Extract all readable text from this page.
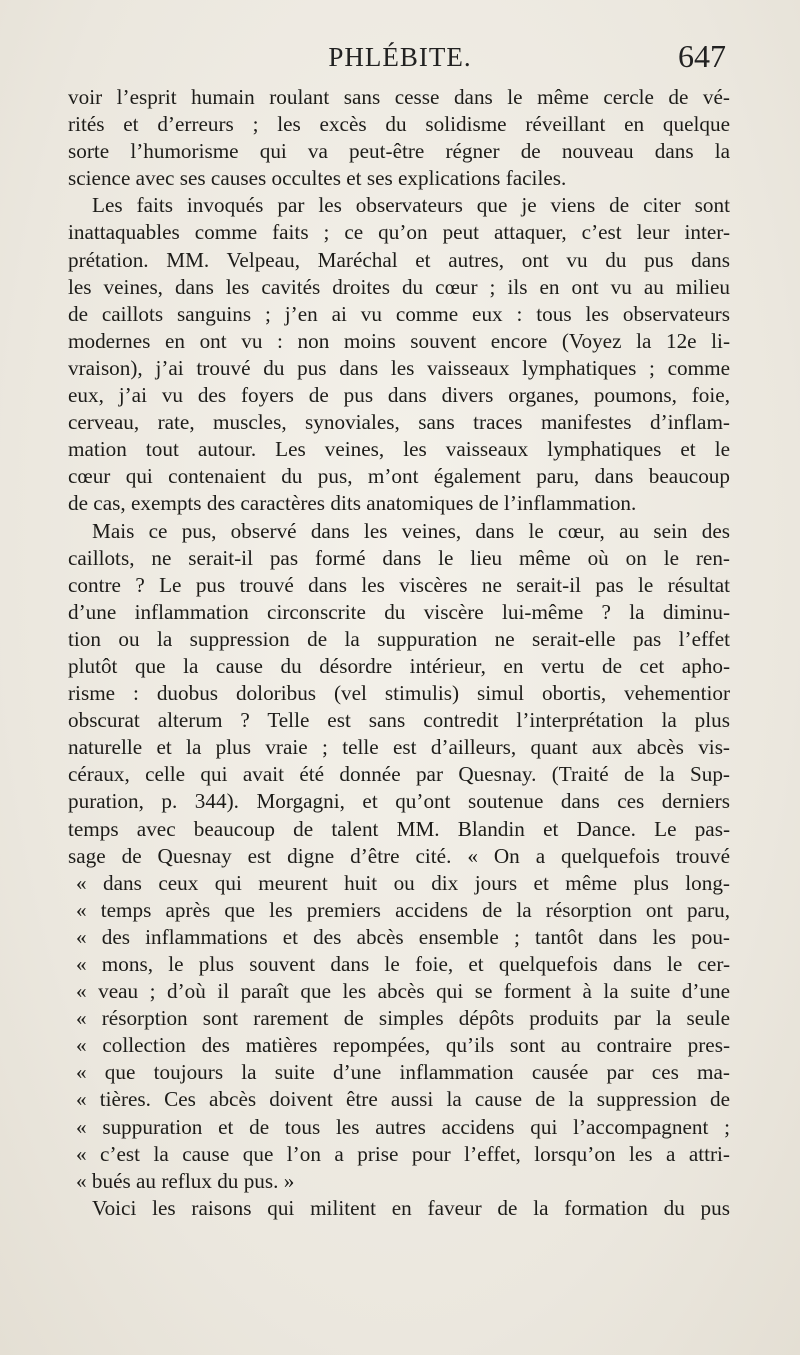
PHLÉBITE.	647
voir l’esprit humain roulant sans cesse dans le même cercle de vé-
rités et d’erreurs ; les excès du solidisme réveillant en quelque
sorte l’humorisme qui va peut-être régner de nouveau dans la
science avec ses causes occultes et ses explications faciles.
Les faits invoqués par les observateurs que je viens de citer sont
inattaquables comme faits ; ce qu’on peut attaquer, c’est leur inter-
prétation. MM. Velpeau, Maréchal et autres, ont vu du pus dans
les veines, dans les cavités droites du cœur ; ils en ont vu au milieu
de caillots sanguins ; j’en ai vu comme eux : tous les observateurs
modernes en ont vu : non moins souvent encore (Voyez la 12e li-
vraison), j’ai trouvé du pus dans les vaisseaux lymphatiques ; comme
eux, j’ai vu des foyers de pus dans divers organes, poumons, foie,
cerveau, rate, muscles, synoviales, sans traces manifestes d’inflam-
mation tout autour. Les veines, les vaisseaux lymphatiques et le
cœur qui contenaient du pus, m’ont également paru, dans beaucoup
de cas, exempts des caractères dits anatomiques de l’inflammation.
Mais ce pus, observé dans les veines, dans le cœur, au sein des
caillots, ne serait-il pas formé dans le lieu même où on le ren-
contre ? Le pus trouvé dans les viscères ne serait-il pas le résultat
d’une inflammation circonscrite du viscère lui-même ? la diminu-
tion ou la suppression de la suppuration ne serait-elle pas l’effet
plutôt que la cause du désordre intérieur, en vertu de cet apho-
risme : duobus doloribus (vel stimulis) simul obortis, vehementior
obscurat alterum ? Telle est sans contredit l’interprétation la plus
naturelle et la plus vraie ; telle est d’ailleurs, quant aux abcès vis-
céraux, celle qui avait été donnée par Quesnay. (Traité de la Sup-
puration, p. 344). Morgagni, et qu’ont soutenue dans ces derniers
temps avec beaucoup de talent MM. Blandin et Dance. Le pas-
sage de Quesnay est digne d’être cité. « On a quelquefois trouvé
« dans ceux qui meurent huit ou dix jours et même plus long-
« temps après que les premiers accidens de la résorption ont paru,
« des inflammations et des abcès ensemble ; tantôt dans les pou-
« mons, le plus souvent dans le foie, et quelquefois dans le cer-
« veau ; d’où il paraît que les abcès qui se forment à la suite d’une
« résorption sont rarement de simples dépôts produits par la seule
« collection des matières repompées, qu’ils sont au contraire pres-
« que toujours la suite d’une inflammation causée par ces ma-
« tières. Ces abcès doivent être aussi la cause de la suppression de
« suppuration et de tous les autres accidens qui l’accompagnent ;
« c’est la cause que l’on a prise pour l’effet, lorsqu’on les a attri-
« bués au reflux du pus. »
Voici les raisons qui militent en faveur de la formation du pus
